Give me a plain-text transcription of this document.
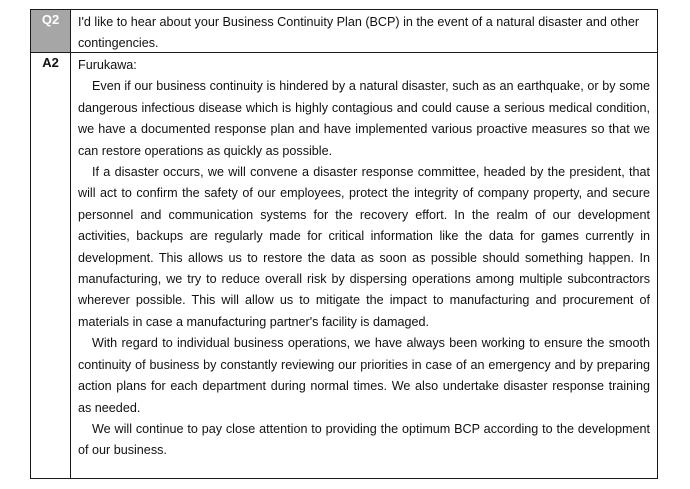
Q2	I'd like to hear about your Business Continuity Plan (BCP) in the event of a natural disaster and other contingencies.

A2	Furukawa:

Even if our business continuity is hindered by a natural disaster, such as an earthquake, or by some dangerous infectious disease which is highly contagious and could cause a serious medical condition, we have a documented response plan and have implemented various proactive measures so that we can restore operations as quickly as possible.

If a disaster occurs, we will convene a disaster response committee, headed by the president, that will act to confirm the safety of our employees, protect the integrity of company property, and secure personnel and communication systems for the recovery effort. In the realm of our development activities, backups are regularly made for critical information like the data for games currently in development. This allows us to restore the data as soon as possible should something happen. In manufacturing, we try to reduce overall risk by dispersing operations among multiple subcontractors wherever possible. This will allow us to mitigate the impact to manufacturing and procurement of materials in case a manufacturing partner's facility is damaged.

With regard to individual business operations, we have always been working to ensure the smooth continuity of business by constantly reviewing our priorities in case of an emergency and by preparing action plans for each department during normal times. We also undertake disaster response training as needed.

We will continue to pay close attention to providing the optimum BCP according to the development of our business.
